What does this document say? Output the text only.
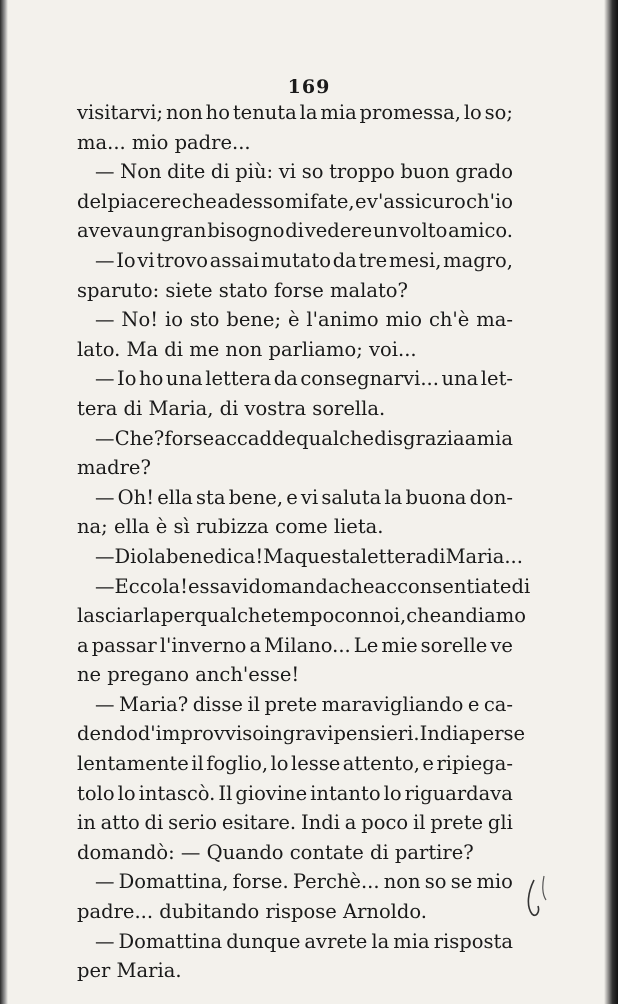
169
visitarvi; non ho tenuta la mia promessa, lo so;
ma... mio padre...
— Non dite di più: vi so troppo buon grado
del piacere che adesso mi fate, e v'assicuro ch'io
aveva un gran bisogno di vedere un volto amico.
— Io vi trovo assai mutato da tre mesi, magro,
sparuto: siete stato forse malato?
— No! io sto bene; è l'animo mio ch'è ma-
lato. Ma di me non parliamo; voi...
— Io ho una lettera da consegnarvi... una let-
tera di Maria, di vostra sorella.
— Che? forse accadde qualche disgrazia a mia
madre?
— Oh! ella sta bene, e vi saluta la buona don-
na; ella è sì rubizza come lieta.
— Dio la benedica! Ma questa lettera di Maria...
— Eccola! essa vi domanda che acconsentiate di
lasciarla per qualche tempo con noi, che andiamo
a passar l'inverno a Milano... Le mie sorelle ve
ne pregano anch'esse!
— Maria? disse il prete maravigliando e ca-
dendo d'improvviso in gravi pensieri. Indi aperse
lentamente il foglio, lo lesse attento, e ripiega-
tolo lo intascò. Il giovine intanto lo riguardava
in atto di serio esitare. Indi a poco il prete gli
domandò: — Quando contate di partire?
— Domattina, forse. Perchè... non so se mio
padre... dubitando rispose Arnoldo.
— Domattina dunque avrete la mia risposta
per Maria.
